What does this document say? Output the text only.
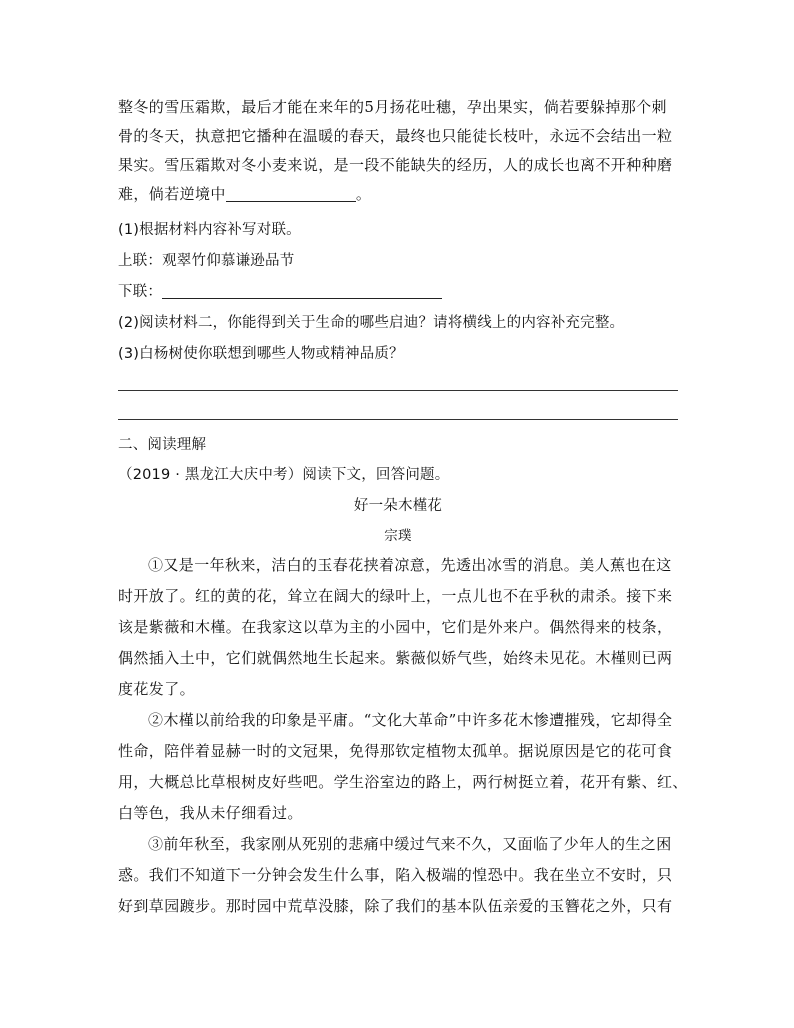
整冬的雪压霜欺，最后才能在来年的5月扬花吐穗，孕出果实，倘若要躲掉那个刺
骨的冬天，执意把它播种在温暖的春天，最终也只能徒长枝叶，永远不会结出一粒
果实。雪压霜欺对冬小麦来说，是一段不能缺失的经历，人的成长也离不开种种磨
难，倘若逆境中	。
(1)根据材料内容补写对联。
上联：观翠竹仰慕谦逊品节
下联：
(2)阅读材料二，你能得到关于生命的哪些启迪？请将横线上的内容补充完整。
(3)白杨树使你联想到哪些人物或精神品质？
二、阅读理解
（2019 · 黑龙江大庆中考）阅读下文，回答问题。
好一朵木槿花
宗璞
①又是一年秋来，洁白的玉春花挟着凉意，先透出冰雪的消息。美人蕉也在这
时开放了。红的黄的花，耸立在阔大的绿叶上，一点儿也不在乎秋的肃杀。接下来
该是紫薇和木槿。在我家这以草为主的小园中，它们是外来户。偶然得来的枝条，
偶然插入土中，它们就偶然地生长起来。紫薇似娇气些，始终未见花。木槿则已两
度花发了。
②木槿以前给我的印象是平庸。“文化大革命”中许多花木惨遭摧残，它却得全
性命，陪伴着显赫一时的文冠果，免得那钦定植物太孤单。据说原因是它的花可食
用，大概总比草根树皮好些吧。学生浴室边的路上，两行树挺立着，花开有紫、红、
白等色，我从未仔细看过。
③前年秋至，我家刚从死别的悲痛中缓过气来不久，又面临了少年人的生之困
惑。我们不知道下一分钟会发生什么事，陷入极端的惶恐中。我在坐立不安时，只
好到草园踱步。那时园中荒草没膝，除了我们的基本队伍亲爱的玉簪花之外，只有
